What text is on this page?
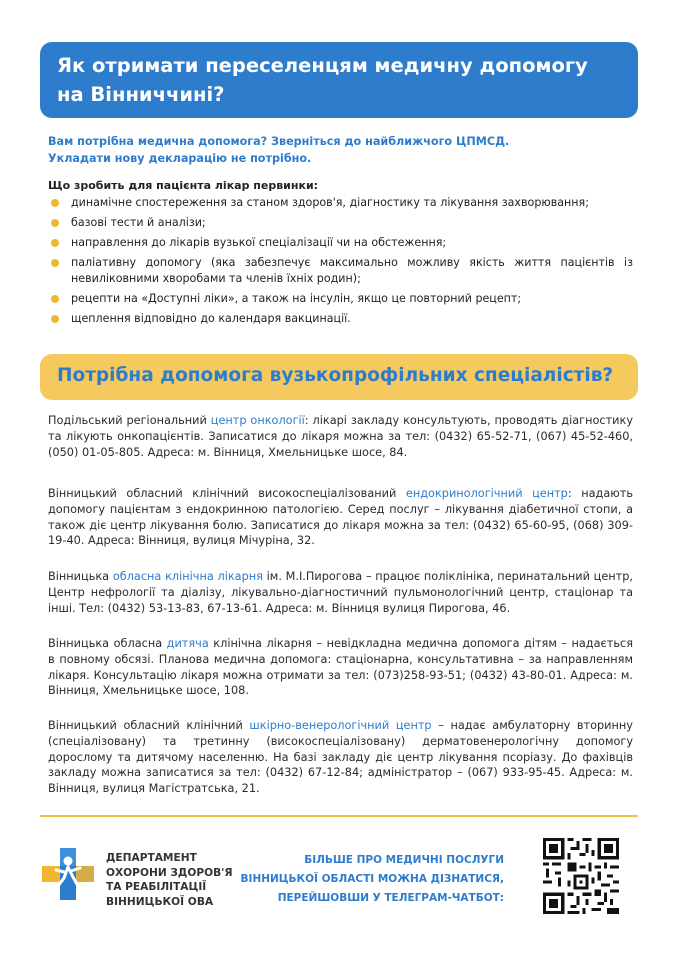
Як отримати переселенцям медичну допомогу
на Вінниччині?
Вам потрібна медична допомога? Зверніться до найближчого ЦПМСД.
Укладати нову декларацію не потрібно.
Що зробить для пацієнта лікар первинки:
динамічне спостереження за станом здоров'я, діагностику та лікування захворювання;
базові тести й аналізи;
направлення до лікарів вузької спеціалізації чи на обстеження;
паліативну допомогу (яка забезпечує максимально можливу якість життя пацієнтів із невиліковними хворобами та членів їхніх родин);
рецепти на «Доступні ліки», а також на інсулін, якщо це повторний рецепт;
щеплення відповідно до календаря вакцинації.
Потрібна допомога вузькопрофільних спеціалістів?

Подільський регіональний центр онкології: лікарі закладу консультують, проводять діагностику та лікують онкопацієнтів. Записатися до лікаря можна за тел: (0432) 65-52-71, (067) 45-52-460, (050) 01-05-805. Адреса: м. Вінниця, Хмельницьке шосе, 84.

Вінницький обласний клінічний високоспеціалізований ендокринологічний центр: надають допомогу пацієнтам з ендокринною патологією. Серед послуг – лікування діабетичної стопи, а також діє центр лікування болю. Записатися до лікаря можна за тел: (0432) 65-60-95, (068) 309-19-40. Адреса: Вінниця, вулиця Мічуріна, 32.

Вінницька обласна клінічна лікарня ім. М.І.Пирогова – працює поліклініка, перинатальний центр, Центр нефрології та діалізу, лікувально-діагностичний пульмонологічний центр, стаціонар та інші. Тел: (0432) 53-13-83, 67-13-61. Адреса: м. Вінниця вулиця Пирогова, 46.

Вінницька обласна дитяча клінічна лікарня – невідкладна медична допомога дітям – надається в повному обсязі. Планова медична допомога: стаціонарна, консультативна – за направленням лікаря. Консультацію лікаря можна отримати за тел: (073)258-93-51; (0432) 43-80-01. Адреса: м. Вінниця, Хмельницьке шосе, 108.

Вінницький обласний клінічний шкірно-венерологічний центр – надає амбулаторну вторинну (спеціалізовану) та третинну (високоспеціалізовану) дерматовенерологічну допомогу дорослому та дитячому населенню. На базі закладу діє центр лікування псоріазу. До фахівців закладу можна записатися за тел: (0432) 67-12-84; адміністратор – (067) 933-95-45. Адреса: м. Вінниця, вулиця Магістратська, 21.

ДЕПАРТАМЕНТ
ОХОРОНИ ЗДОРОВ'Я
ТА РЕАБІЛІТАЦІЇ
ВІННИЦЬКОЇ ОВА
БІЛЬШЕ ПРО МЕДИЧНІ ПОСЛУГИ
ВІННИЦЬКОЇ ОБЛАСТІ МОЖНА ДІЗНАТИСЯ,
ПЕРЕЙШОВШИ У ТЕЛЕГРАМ-ЧАТБОТ:
